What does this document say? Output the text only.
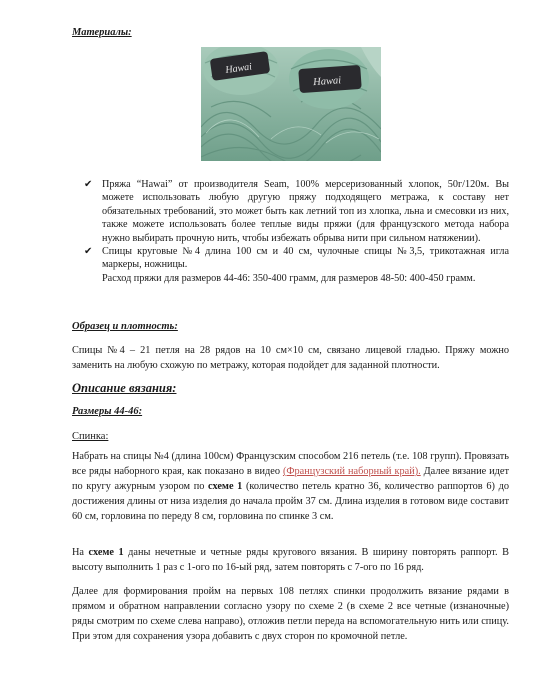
Материалы:
Hawai
Hawai
✔ Пряжа “Hawai” от производителя Seam, 100% мерсеризованный хлопок, 50г/120м. Вы можете использовать любую другую пряжу подходящего метража, к составу нет обязательных требований, это может быть как летний топ из хлопка, льна и смесовки из них, также можете использовать более теплые виды пряжи (для французского метода набора нужно выбирать прочную нить, чтобы избежать обрыва нити при сильном натяжении).
✔ Спицы круговые №4 длина 100 см и 40 см, чулочные спицы №3,5, трикотажная игла маркеры, ножницы.
Расход пряжи для размеров 44-46: 350-400 грамм, для размеров 48-50: 400-450 грамм.
Образец и плотность:
Спицы №4 – 21 петля на 28 рядов на 10 см×10 см, связано лицевой гладью. Пряжу можно заменить на любую схожую по метражу, которая подойдет для заданной плотности.
Описание вязания:
Размеры 44-46:
Спинка:
Набрать на спицы №4 (длина 100см) Французским способом 216 петель (т.е. 108 групп). Провязать все ряды наборного края, как показано в видео (Французский наборный край). Далее вязание идет по кругу ажурным узором по схеме 1 (количество петель кратно 36, количество раппортов 6) до достижения длины от низа изделия до начала пройм 37 см. Длина изделия в готовом виде составит 60 см, горловина по переду 8 см, горловина по спинке 3 см.
На схеме 1 даны нечетные и четные ряды кругового вязания. В ширину повторять раппорт. В высоту выполнить 1 раз с 1-ого по 16-ый ряд, затем повторять с 7-ого по 16 ряд.
Далее для формирования пройм на первых 108 петлях спинки продолжить вязание рядами в прямом и обратном направлении согласно узору по схеме 2 (в схеме 2 все четные (изнаночные) ряды смотрим по схеме слева направо), отложив петли переда на вспомогательную нить или спицу. При этом для сохранения узора добавить с двух сторон по кромочной петле.
